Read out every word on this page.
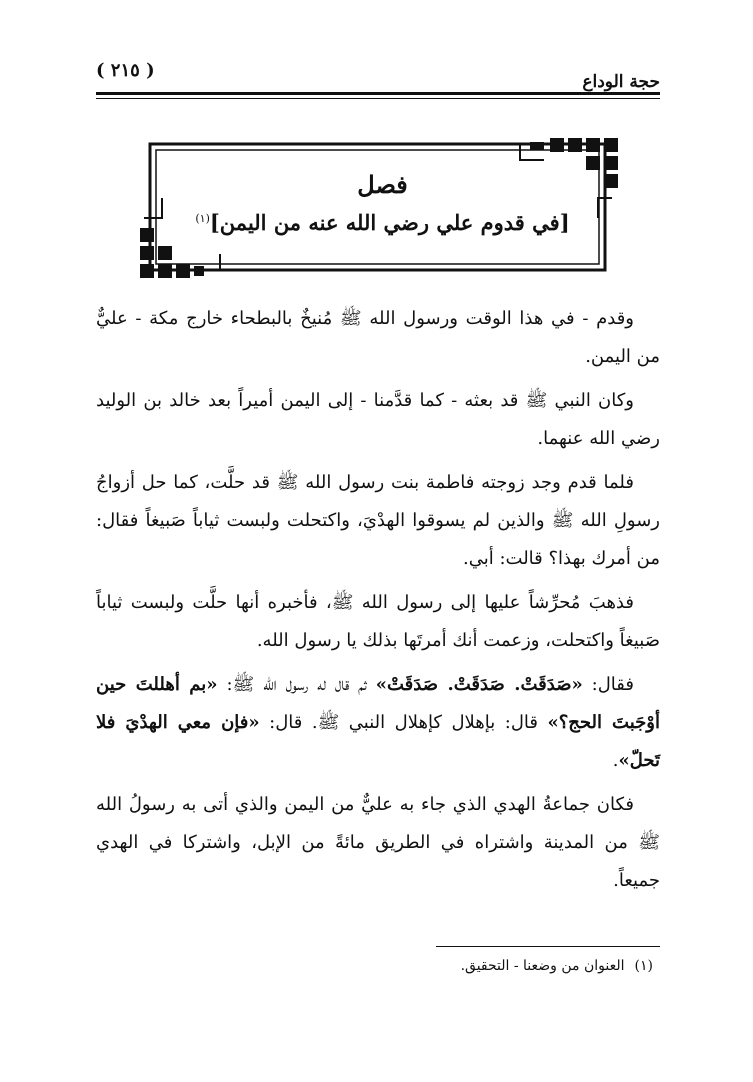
حجة الوداع
( ٢١٥ )
فصل
[في قدوم علي رضي الله عنه من اليمن]$^{(١)}$

وقدم - في هذا الوقت ورسول الله ﷺ مُنيخٌ بالبطحاء خارج مكة - عليٌّ من اليمن.

وكان النبي ﷺ قد بعثه - كما قدَّمنا - إلى اليمن أميراً بعد خالد بن الوليد رضي الله عنهما.

فلما قدم وجد زوجته فاطمة بنت رسول الله ﷺ قد حلَّت، كما حل أزواجُ رسولِ الله ﷺ والذين لم يسوقوا الهدْيَ، واكتحلت ولبست ثياباً صَبيغاً فقال: من أمرك بهذا؟ قالت: أبي.

فذهبَ مُحرِّشاً عليها إلى رسول الله ﷺ، فأخبره أنها حلَّت ولبست ثياباً صَبيغاً واكتحلت، وزعمت أنك أمرتَها بذلك يا رسول الله.

فقال: «صَدَقَتْ. صَدَقَتْ. صَدَقَتْ» ثم قال له رسول الله ﷺ: «بم أهللتَ حين أوْجَبتَ الحج؟» قال: بإهلال كإهلال النبي ﷺ. قال: «فإن معي الهدْيَ فلا تَحلّ».

فكان جماعةُ الهدي الذي جاء به عليٌّ من اليمن والذي أتى به رسولُ الله ﷺ من المدينة واشتراه في الطريق مائةً من الإبل، واشتركا في الهدي جميعاً.

(١)العنوان من وضعنا - التحقيق.
